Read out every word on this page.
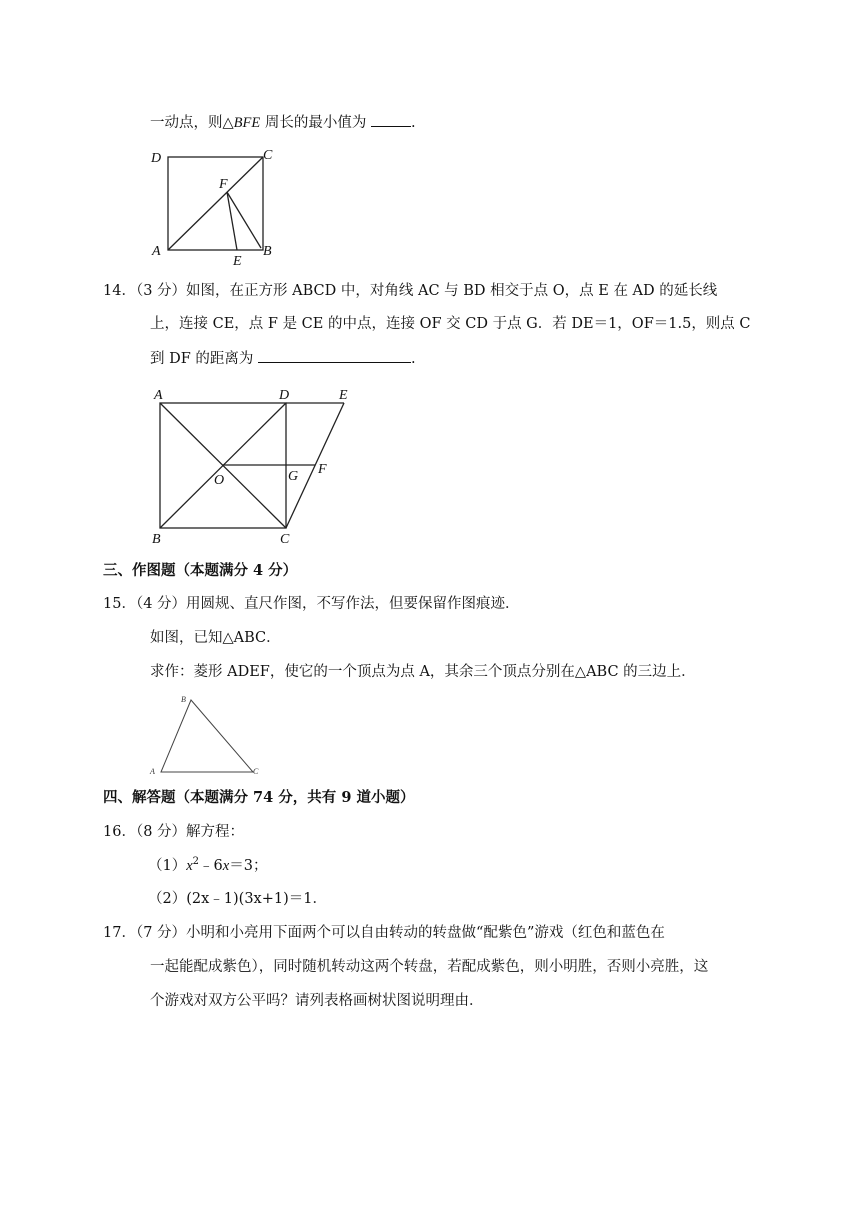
一动点，则△BFE 周长的最小值为	.
D	C
F
A
E
B
14．（3 分）如图，在正方形 ABCD 中，对角线 AC 与 BD 相交于点 O，点 E 在 AD 的延长线
上，连接 CE，点 F 是 CE 的中点，连接 OF 交 CD 于点 G．若 DE＝1，OF＝1.5，则点 C
到 DF 的距离为	.
A	D	E
O	G F
B	C
三、作图题（本题满分 4 分）
15．（4 分）用圆规、直尺作图，不写作法，但要保留作图痕迹．
如图，已知△ABC．
求作：菱形 ADEF，使它的一个顶点为点 A，其余三个顶点分别在△ABC 的三边上．
B
A	C
四、解答题（本题满分 74 分，共有 9 道小题）
16．（8 分）解方程：
$(1)x^2﹣6x=3$；
（2）(2x﹣1)(3x+1)＝1．
17．（7 分）小明和小亮用下面两个可以自由转动的转盘做“配紫色”游戏（红色和蓝色在
一起能配成紫色），同时随机转动这两个转盘，若配成紫色，则小明胜，否则小亮胜，这
个游戏对双方公平吗？请列表格画树状图说明理由．
